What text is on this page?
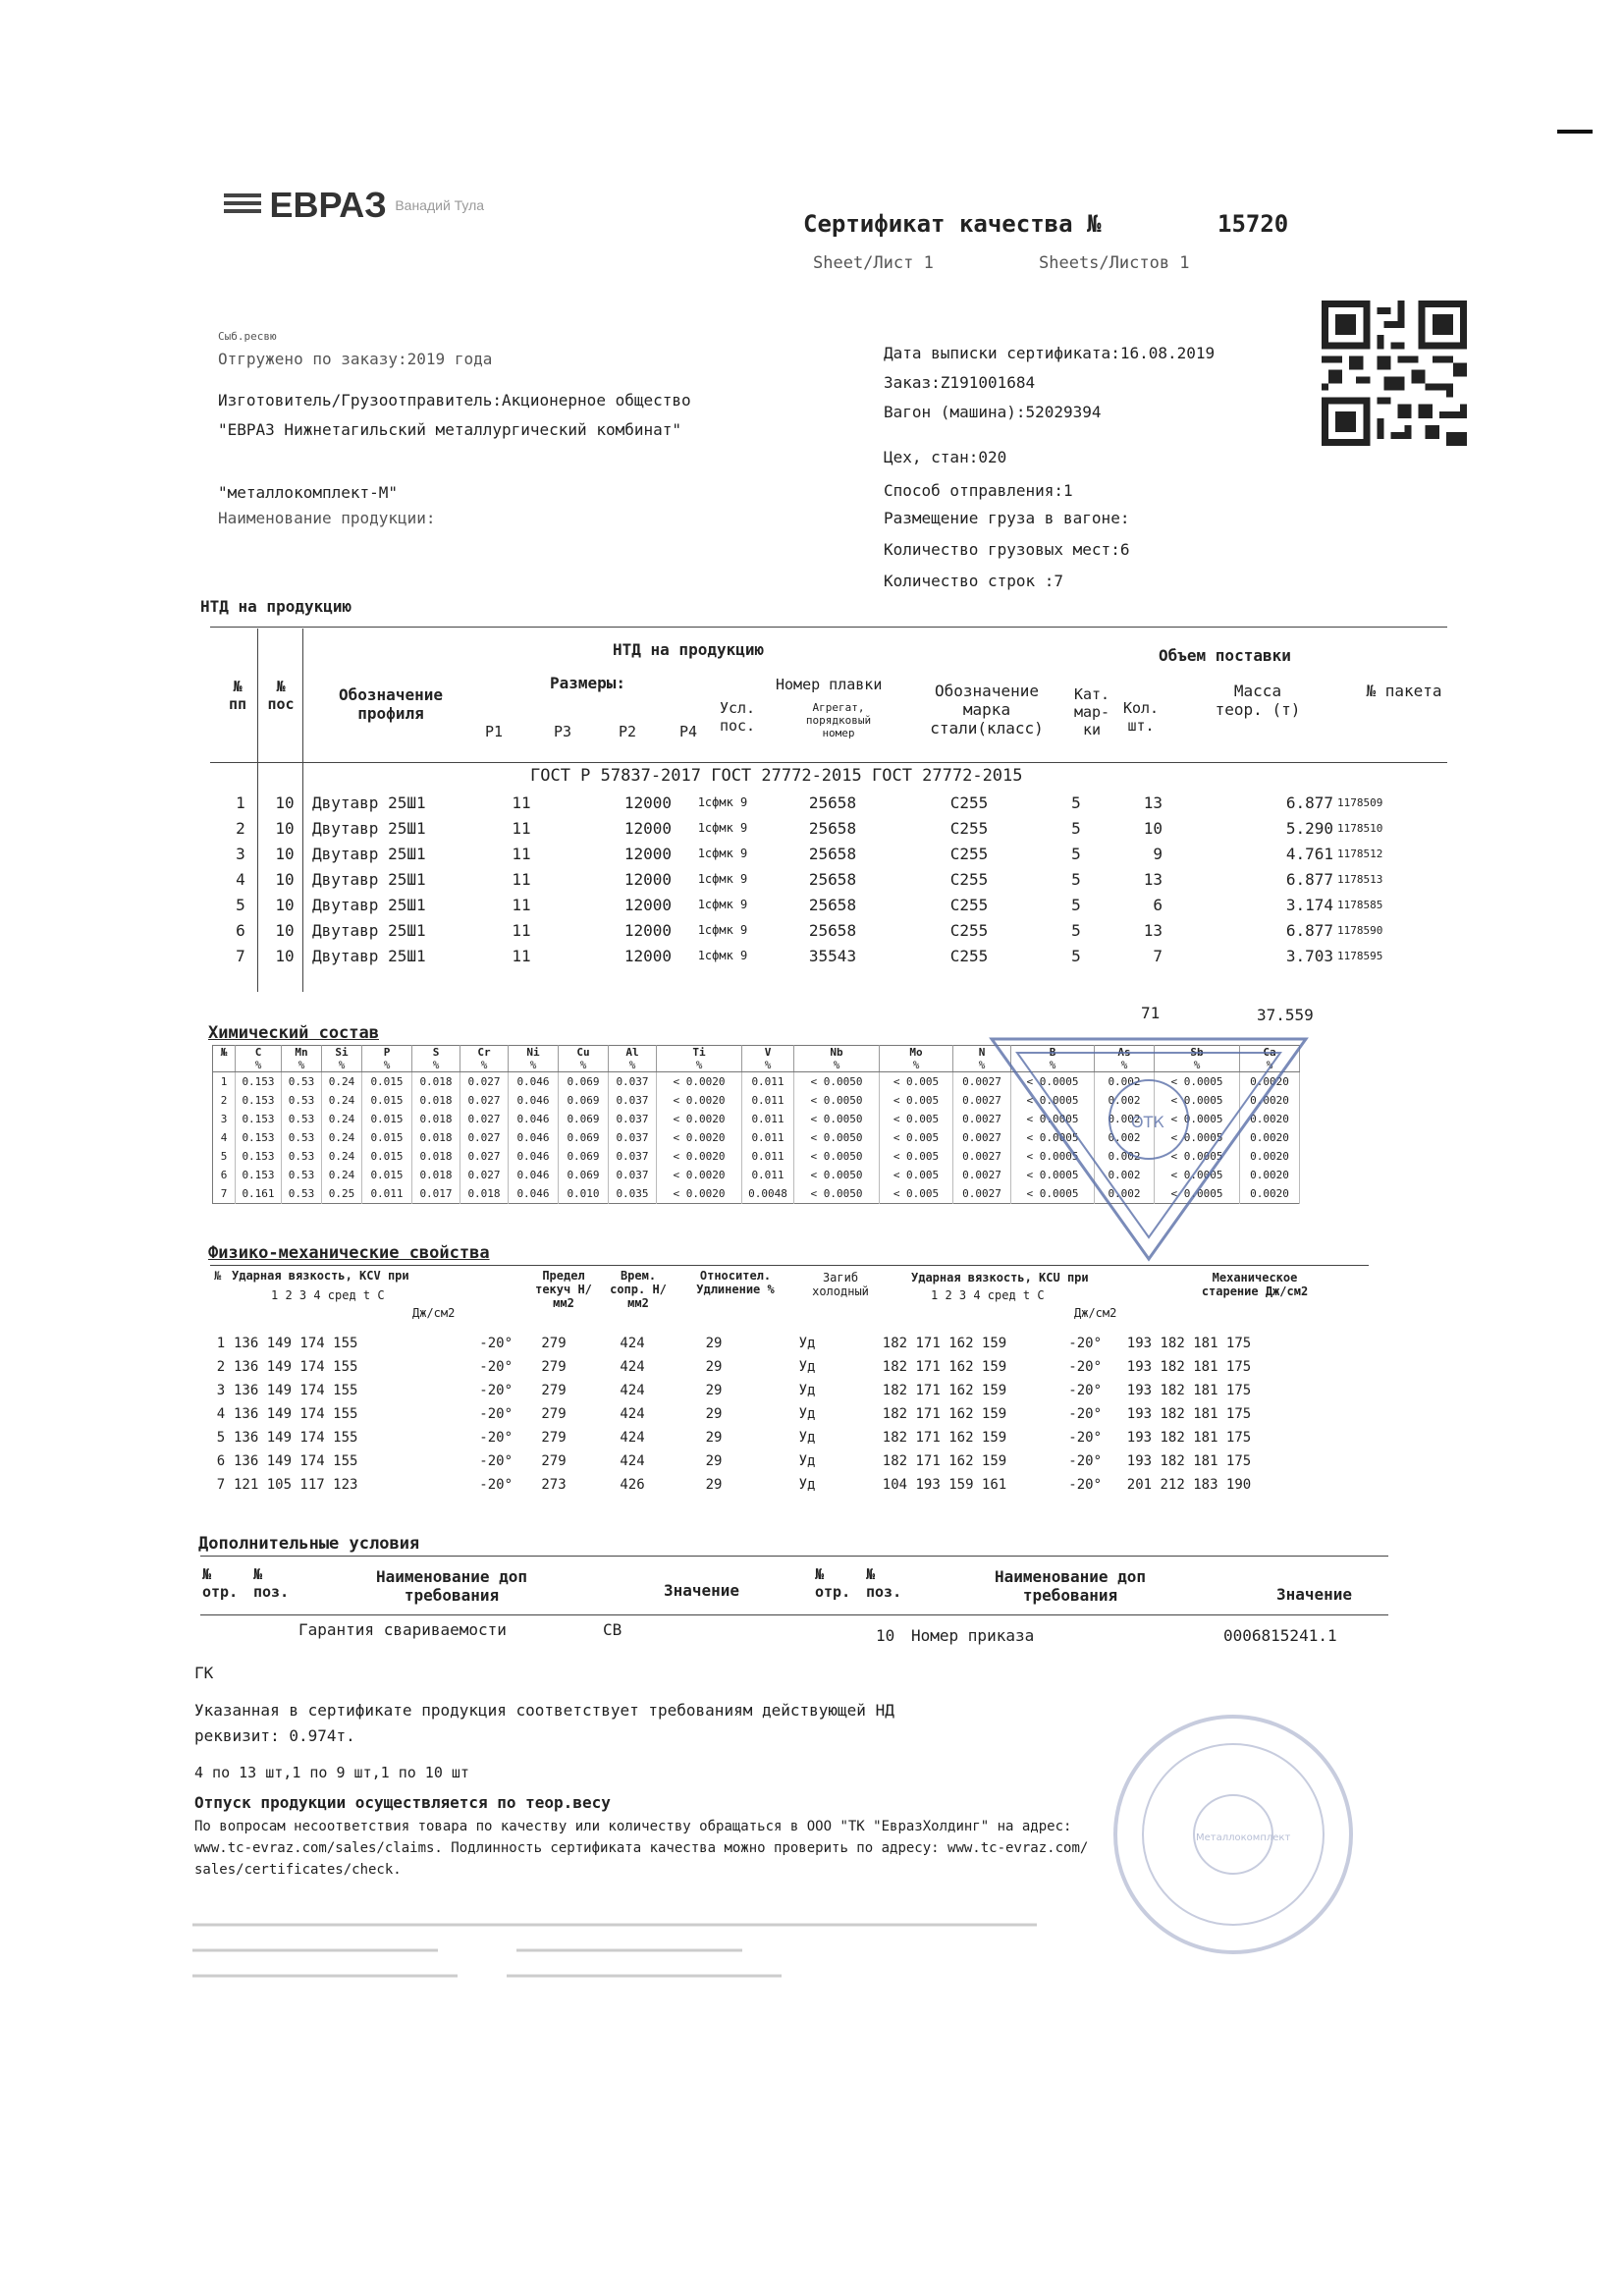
ЕВРАЗ Ванадий Тула
Сертификат качества №	15720
Sheet/Лист 1	Sheets/Листов 1
Сыб.ресвю
Отгружено по заказу:2019 года
Изготовитель/Грузоотправитель:Акционерное общество
"ЕВРАЗ Нижнетагильский металлургический комбинат"
"металлокомплект-М"
Наименование продукции:
Дата выписки сертификата:16.08.2019
Заказ:Z191001684
Вагон (машина):52029394
Цех, стан:020
Способ отправления:1
Размещение груза в вагоне:
Количество грузовых мест:6
Количество строк :7
НТД на продукцию
НТД на продукцию	Объем поставки
№ пп
№ пос	Обозначение профиля
P1
Размеры:
P3	P2	P4
Усл. пос.
Номер плавки
Агрегат, порядковый номер
Обозначение марка стали(класс)
Кат. мар-ки
Кол. шт.
Масса теор. (т)
№ пакета
ГОСТ Р 57837-2017 ГОСТ 27772-2015 ГОСТ 27772-2015
1	10	Двутавр 25Ш1	11	12000	1сфмк 9	25658	С255	5	13	6.877	1178509
2	10	Двутавр 25Ш1	11	12000	1сфмк 9	25658	С255	5	10	5.290	1178510
3	10	Двутавр 25Ш1	11	12000	1сфмк 9	25658	С255	5	9	4.761	1178512
4	10	Двутавр 25Ш1	11	12000	1сфмк 9	25658	С255	5	13	6.877	1178513
5	10	Двутавр 25Ш1	11	12000	1сфмк 9	25658	С255	5	6	3.174	1178585
6	10	Двутавр 25Ш1	11	12000	1сфмк 9	25658	С255	5	13	6.877	1178590
7	10	Двутавр 25Ш1	11	12000	1сфмк 9	35543	С255	5	7	3.703	1178595
71	37.559
Химический состав
№	C	Mn	Si	P	S	Cr	Ni	Cu	Al	Ti	V	Nb	Mo	N	B	As	Sb	Ca
	%	%	%	%	%	%	%	%	%	%	%	%	%	%	%	%	%	%
1	0.153	0.53	0.24	0.015	0.018	0.027	0.046	0.069	0.037	< 0.0020	0.011	< 0.0050	< 0.005	0.0027	< 0.0005	0.002	< 0.0005	0.0020
2	0.153	0.53	0.24	0.015	0.018	0.027	0.046	0.069	0.037	< 0.0020	0.011	< 0.0050	< 0.005	0.0027	< 0.0005	0.002	< 0.0005	0.0020
3	0.153	0.53	0.24	0.015	0.018	0.027	0.046	0.069	0.037	< 0.0020	0.011	< 0.0050	< 0.005	0.0027	< 0.0005	0.002	< 0.0005	0.0020
4	0.153	0.53	0.24	0.015	0.018	0.027	0.046	0.069	0.037	< 0.0020	0.011	< 0.0050	< 0.005	0.0027	< 0.0005	0.002	< 0.0005	0.0020
5	0.153	0.53	0.24	0.015	0.018	0.027	0.046	0.069	0.037	< 0.0020	0.011	< 0.0050	< 0.005	0.0027	< 0.0005	0.002	< 0.0005	0.0020
6	0.153	0.53	0.24	0.015	0.018	0.027	0.046	0.069	0.037	< 0.0020	0.011	< 0.0050	< 0.005	0.0027	< 0.0005	0.002	< 0.0005	0.0020
7	0.161	0.53	0.25	0.011	0.017	0.018	0.046	0.010	0.035	< 0.0020	0.0048	< 0.0050	< 0.005	0.0027	< 0.0005	0.002	< 0.0005	0.0020
Физико-механические свойства
№ Ударная вязкость, KCV при
1 2 3 4 сред t C
Дж/см2
Предел текуч Н/мм2
Врем. сопр. Н/мм2
Относител. Удлинение %
Загиб холодный
Ударная вязкость, KCU при
1 2 3 4 сред t C
Дж/см2
Механическое старение Дж/см2
1	136 149 174 155	-20°	279	424	29	Уд	182 171 162 159	-20°	193 182 181 175
2	136 149 174 155	-20°	279	424	29	Уд	182 171 162 159	-20°	193 182 181 175
3	136 149 174 155	-20°	279	424	29	Уд	182 171 162 159	-20°	193 182 181 175
4	136 149 174 155	-20°	279	424	29	Уд	182 171 162 159	-20°	193 182 181 175
5	136 149 174 155	-20°	279	424	29	Уд	182 171 162 159	-20°	193 182 181 175
6	136 149 174 155	-20°	279	424	29	Уд	182 171 162 159	-20°	193 182 181 175
7	121 105 117 123	-20°	273	426	29	Уд	104 193 159 161	-20°	201 212 183 190
Дополнительные условия
№ отр.
№ поз.
Наименование доп требования	Значение
№ отр.
№ поз.
Наименование доп требования	Значение
Гарантия свариваемости	СВ	10 Номер приказа	0006815241.1
ГК
Указанная в сертификате продукция соответствует требованиям действующей НД
реквизит: 0.974т.
4 по 13 шт,1 по 9 шт,1 по 10 шт
Отпуск продукции осуществляется по теор.весу
По вопросам несоответствия товара по качеству или количеству обращаться в ООО "ТК "ЕвразХолдинг" на адрес:
www.tc-evraz.com/sales/claims. Подлинность сертификата качества можно проверить по адресу: www.tc-evraz.com/
sales/certificates/check.
ОТК
Металлокомплект
